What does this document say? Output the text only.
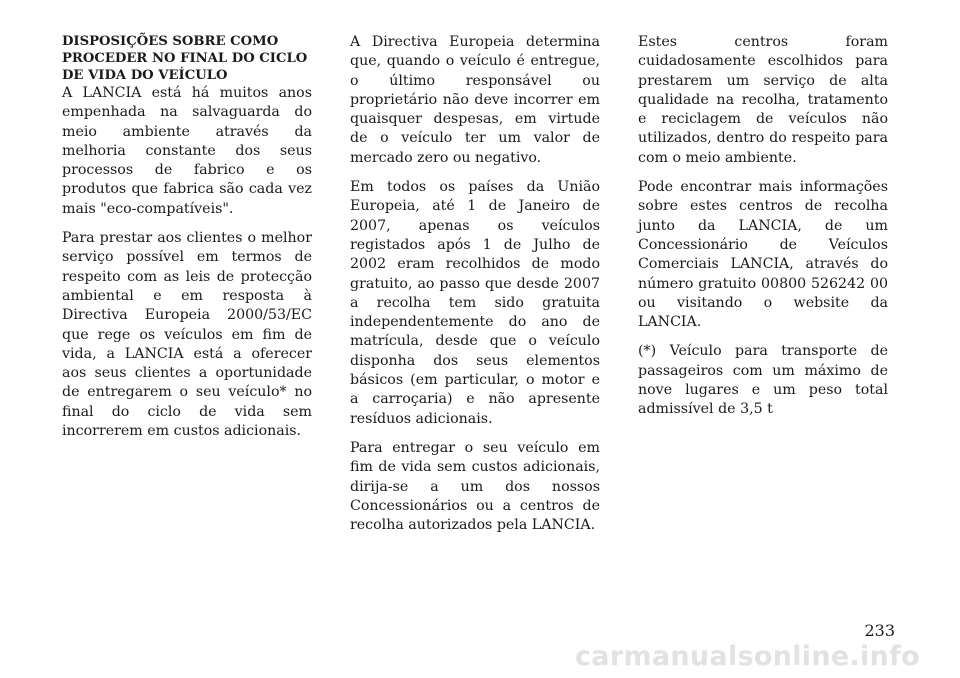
DISPOSIÇÕES SOBRE COMO PROCEDER NO FINAL DO CICLO DE VIDA DO VEÍCULO

A LANCIA está há muitos anos empenhada na salvaguarda do meio ambiente através da melhoria constante dos seus processos de fabrico e os produtos que fabrica são cada vez mais "eco-compatíveis".

Para prestar aos clientes o melhor serviço possível em termos de respeito com as leis de protecção ambiental e em resposta à Directiva Europeia 2000/53/EC que rege os veículos em fim de vida, a LANCIA está a oferecer aos seus clientes a oportunidade de entregarem o seu veículo* no final do ciclo de vida sem incorrerem em custos adicionais.

A Directiva Europeia determina que, quando o veículo é entregue, o último responsável ou proprietário não deve incorrer em quaisquer despesas, em virtude de o veículo ter um valor de mercado zero ou negativo.

Em todos os países da União Europeia, até 1 de Janeiro de 2007, apenas os veículos registados após 1 de Julho de 2002 eram recolhidos de modo gratuito, ao passo que desde 2007 a recolha tem sido gratuita independentemente do ano de matrícula, desde que o veículo disponha dos seus elementos básicos (em particular, o motor e a carroçaria) e não apresente resíduos adicionais.

Para entregar o seu veículo em fim de vida sem custos adicionais, dirija-se a um dos nossos Concessionários ou a centros de recolha autorizados pela LANCIA.

Estes centros foram cuidadosamente escolhidos para prestarem um serviço de alta qualidade na recolha, tratamento e reciclagem de veículos não utilizados, dentro do respeito para com o meio ambiente.

Pode encontrar mais informações sobre estes centros de recolha junto da LANCIA, de um Concessionário de Veículos Comerciais LANCIA, através do número gratuito 00800 526242 00 ou visitando o website da LANCIA.

(*) Veículo para transporte de passageiros com um máximo de nove lugares e um peso total admissível de 3,5 t

233
carmanualsonline.info
